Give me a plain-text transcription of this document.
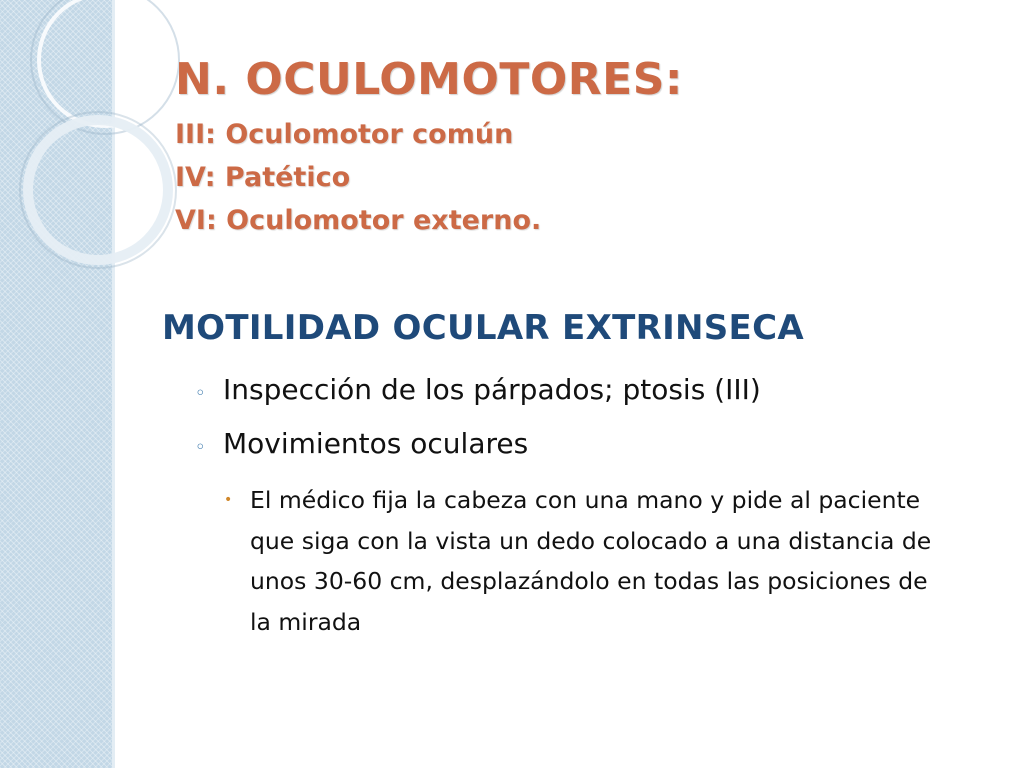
N. OCULOMOTORES:
III: Oculomotor común
IV: Patético
VI: Oculomotor externo.
MOTILIDAD OCULAR EXTRINSECA
◦ Inspección de los párpados; ptosis (III)
◦ Movimientos oculares
• El médico fija la cabeza con una mano y pide al paciente que siga con la vista un dedo colocado a una distancia de unos 30-60 cm, desplazándolo en todas las posiciones de la mirada
